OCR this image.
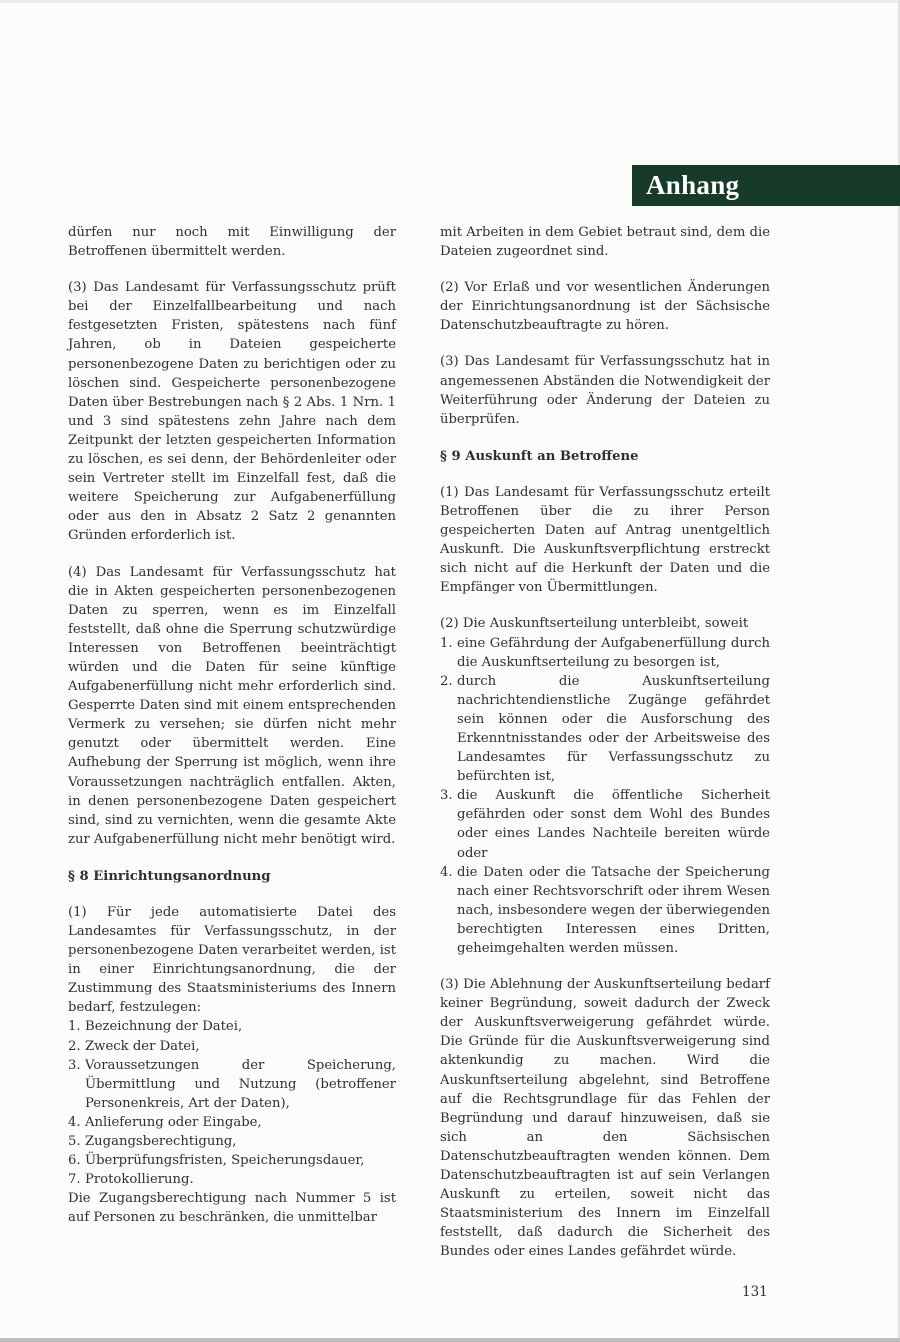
Anhang

dürfen nur noch mit Einwilligung der Betroffenen übermittelt werden.

(3) Das Landesamt für Verfassungsschutz prüft bei der Einzelfallbearbeitung und nach festgesetzten Fristen, spätestens nach fünf Jahren, ob in Dateien gespeicherte personenbezogene Daten zu berichtigen oder zu löschen sind. Gespeicherte personenbezogene Daten über Bestrebungen nach § 2 Abs. 1 Nrn. 1 und 3 sind spätestens zehn Jahre nach dem Zeitpunkt der letzten gespeicherten Information zu löschen, es sei denn, der Behördenleiter oder sein Vertreter stellt im Einzelfall fest, daß die weitere Speicherung zur Aufgabenerfüllung oder aus den in Absatz 2 Satz 2 genannten Gründen erforderlich ist.

(4) Das Landesamt für Verfassungsschutz hat die in Akten gespeicherten personenbezogenen Daten zu sperren, wenn es im Einzelfall feststellt, daß ohne die Sperrung schutzwürdige Interessen von Betroffenen beeinträchtigt würden und die Daten für seine künftige Aufgabenerfüllung nicht mehr erforderlich sind. Gesperrte Daten sind mit einem entsprechenden Vermerk zu versehen; sie dürfen nicht mehr genutzt oder übermittelt werden. Eine Aufhebung der Sperrung ist möglich, wenn ihre Voraussetzungen nachträglich entfallen. Akten, in denen personenbezogene Daten gespeichert sind, sind zu vernichten, wenn die gesamte Akte zur Aufgabenerfüllung nicht mehr benötigt wird.

§ 8 Einrichtungsanordnung

(1) Für jede automatisierte Datei des Landesamtes für Verfassungsschutz, in der personenbezogene Daten verarbeitet werden, ist in einer Einrichtungsanordnung, die der Zustimmung des Staatsministeriums des Innern bedarf, festzulegen:

1. Bezeichnung der Datei,
2. Zweck der Datei,
3. Voraussetzungen der Speicherung, Übermittlung und Nutzung (betroffener Personenkreis, Art der Daten),
4. Anlieferung oder Eingabe,
5. Zugangsberechtigung,
6. Überprüfungsfristen, Speicherungsdauer,
7. Protokollierung.

Die Zugangsberechtigung nach Nummer 5 ist auf Personen zu beschränken, die unmittelbar

mit Arbeiten in dem Gebiet betraut sind, dem die Dateien zugeordnet sind.

(2) Vor Erlaß und vor wesentlichen Änderungen der Einrichtungsanordnung ist der Sächsische Datenschutzbeauftragte zu hören.

(3) Das Landesamt für Verfassungsschutz hat in angemessenen Abständen die Notwendigkeit der Weiterführung oder Änderung der Dateien zu überprüfen.

§ 9 Auskunft an Betroffene

(1) Das Landesamt für Verfassungsschutz erteilt Betroffenen über die zu ihrer Person gespeicherten Daten auf Antrag unentgeltlich Auskunft. Die Auskunftsverpflichtung erstreckt sich nicht auf die Herkunft der Daten und die Empfänger von Übermittlungen.

(2) Die Auskunftserteilung unterbleibt, soweit

1. eine Gefährdung der Aufgabenerfüllung durch die Auskunftserteilung zu besorgen ist,
2. durch die Auskunftserteilung nachrichtendienstliche Zugänge gefährdet sein können oder die Ausforschung des Erkenntnisstandes oder der Arbeitsweise des Landesamtes für Verfassungsschutz zu befürchten ist,
3. die Auskunft die öffentliche Sicherheit gefährden oder sonst dem Wohl des Bundes oder eines Landes Nachteile bereiten würde oder
4. die Daten oder die Tatsache der Speicherung nach einer Rechtsvorschrift oder ihrem Wesen nach, insbesondere wegen der überwiegenden berechtigten Interessen eines Dritten, geheimgehalten werden müssen.

(3) Die Ablehnung der Auskunftserteilung bedarf keiner Begründung, soweit dadurch der Zweck der Auskunftsverweigerung gefährdet würde. Die Gründe für die Auskunftsverweigerung sind aktenkundig zu machen. Wird die Auskunftserteilung abgelehnt, sind Betroffene auf die Rechtsgrundlage für das Fehlen der Begründung und darauf hinzuweisen, daß sie sich an den Sächsischen Datenschutzbeauftragten wenden können. Dem Datenschutzbeauftragten ist auf sein Verlangen Auskunft zu erteilen, soweit nicht das Staatsministerium des Innern im Einzelfall feststellt, daß dadurch die Sicherheit des Bundes oder eines Landes gefährdet würde.

131
